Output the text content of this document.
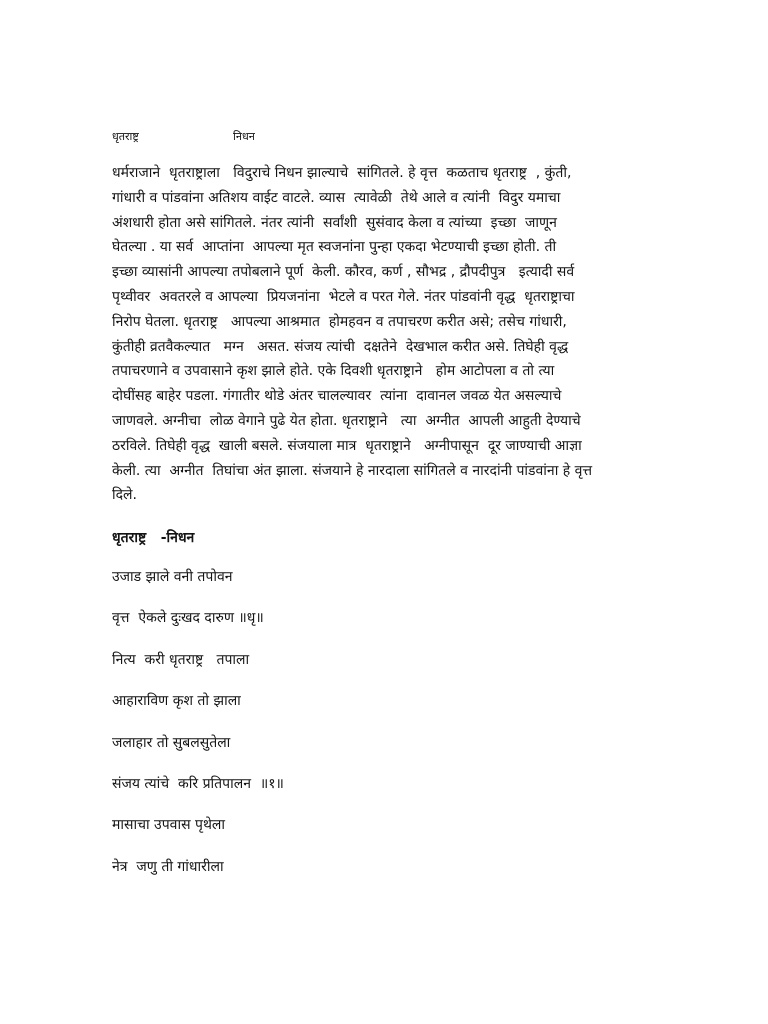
धृतराष्ट्र	निधन
धर्मराजाने  धृतराष्ट्राला   विदुराचे निधन झाल्याचे  सांगितले. हे वृत्त  कळताच धृतराष्ट्र  , कुंती,
गांधारी व पांडवांना अतिशय वाईट वाटले. व्यास  त्यावेळी  तेथे आले व त्यांनी  विदुर यमाचा
अंशधारी होता असे सांगितले. नंतर त्यांनी  सर्वांशी  सुसंवाद केला व त्यांच्या  इच्छा  जाणून
घेतल्या . या सर्व  आप्तांना  आपल्या मृत स्वजनांना पुन्हा एकदा भेटण्याची इच्छा होती. ती
इच्छा व्यासांनी आपल्या तपोबलाने पूर्ण  केली. कौरव, कर्ण , सौभद्र , द्रौपदीपुत्र   इत्यादी सर्व
पृथ्वीवर  अवतरले व आपल्या  प्रियजनांना  भेटले व परत गेले. नंतर पांडवांनी वृद्ध  धृतराष्ट्राचा
निरोप घेतला. धृतराष्ट्र   आपल्या आश्रमात  होमहवन व तपाचरण करीत असे; तसेच गांधारी,
कुंतीही व्रतवैकल्यात   मग्न   असत. संजय त्यांची  दक्षतेने  देखभाल करीत असे. तिघेही वृद्ध
तपाचरणाने व उपवासाने कृश झाले होते. एके दिवशी धृतराष्ट्राने   होम आटोपला व तो त्या
दोघींसह बाहेर पडला. गंगातीर थोडे अंतर चालल्यावर  त्यांना  दावानल जवळ येत असल्याचे
जाणवले. अग्नीचा  लोळ वेगाने पुढे येत होता. धृतराष्ट्राने   त्या  अग्नीत  आपली आहुती देण्याचे
ठरविले. तिघेही वृद्ध  खाली बसले. संजयाला मात्र  धृतराष्ट्राने   अग्नीपासून  दूर जाण्याची आज्ञा
केली. त्या  अग्नीत  तिघांचा अंत झाला. संजयाने हे नारदाला सांगितले व नारदांनी पांडवांना हे वृत्त
दिले.
धृतराष्ट्र   -निधन
उजाड झाले वनी तपोवन
वृत्त  ऐकले दुःखद दारुण ॥धृ॥
नित्य  करी धृतराष्ट्र   तपाला
आहाराविण कृश तो झाला
जलाहार तो सुबलसुतेला
संजय त्यांचे  करि प्रतिपालन  ॥१॥
मासाचा उपवास पृथेला
नेत्र  जणु ती गांधारीला
